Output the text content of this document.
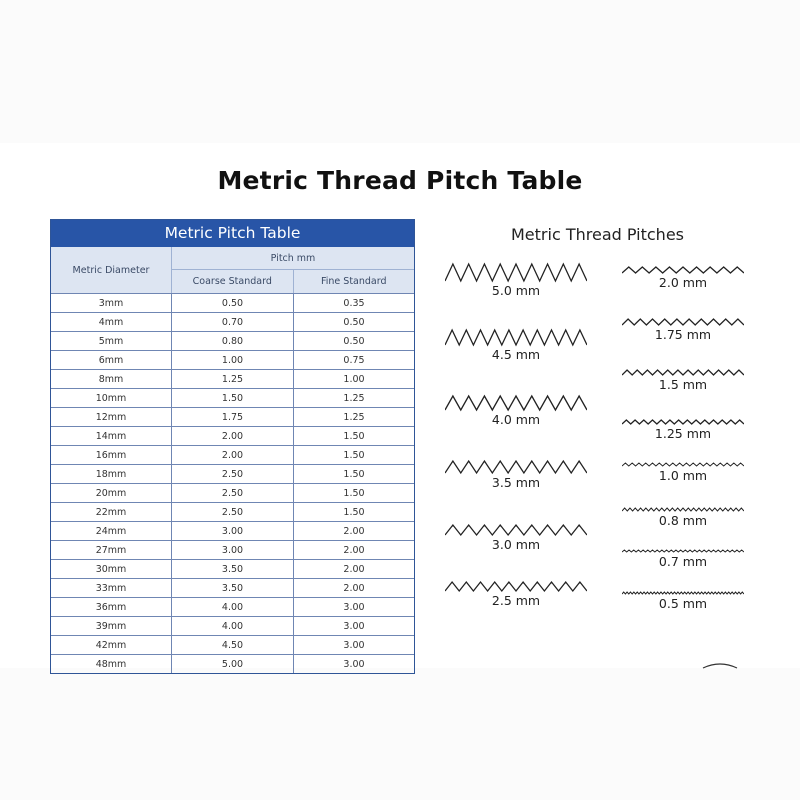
Metric Thread Pitch Table
Metric Pitch Table
Metric Diameter
Pitch mm
Coarse Standard	Fine Standard
3mm	0.50	0.35
4mm	0.70	0.50
5mm	0.80	0.50
6mm	1.00	0.75
8mm	1.25	1.00
10mm	1.50	1.25
12mm	1.75	1.25
14mm	2.00	1.50
16mm	2.00	1.50
18mm	2.50	1.50
20mm	2.50	1.50
22mm	2.50	1.50
24mm	3.00	2.00
27mm	3.00	2.00
30mm	3.50	2.00
33mm	3.50	2.00
36mm	4.00	3.00
39mm	4.00	3.00
42mm	4.50	3.00
48mm	5.00	3.00
Metric Thread Pitches
5.0 mm
4.5 mm
4.0 mm
3.5 mm
3.0 mm
2.5 mm
2.0 mm
1.75 mm
1.5 mm
1.25 mm
1.0 mm
0.8 mm
0.7 mm
0.5 mm
